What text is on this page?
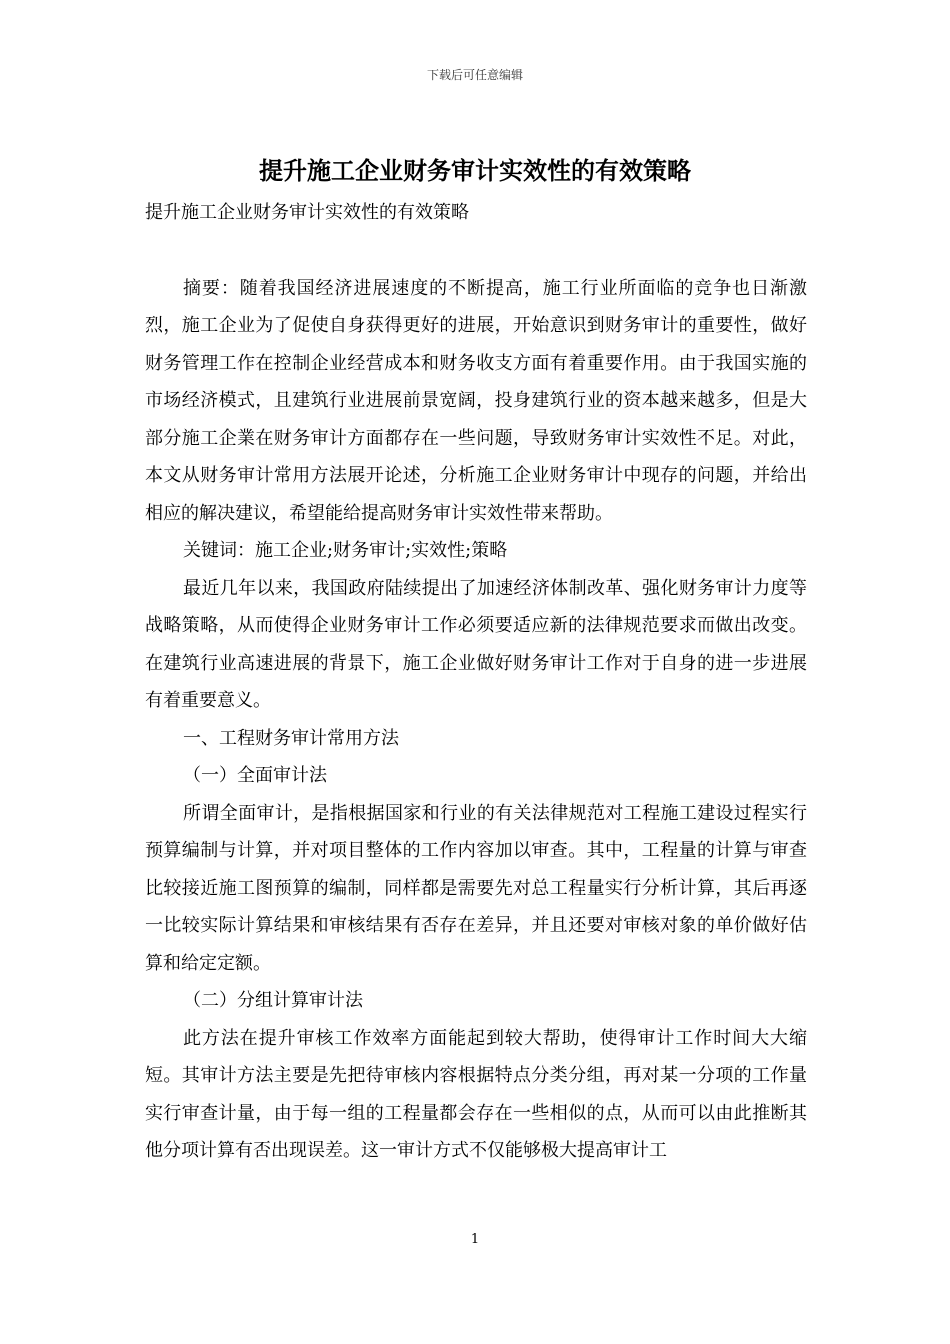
下载后可任意编辑
提升施工企业财务审计实效性的有效策略

提升施工企业财务审计实效性的有效策略

摘要：随着我国经济进展速度的不断提高，施工行业所面临的竞争也日渐激烈，施工企业为了促使自身获得更好的进展，开始意识到财务审计的重要性，做好财务管理工作在控制企业经营成本和财务收支方面有着重要作用。由于我国实施的市场经济模式，且建筑行业进展前景宽阔，投身建筑行业的资本越来越多，但是大部分施工企業在财务审计方面都存在一些问题，导致财务审计实效性不足。对此，本文从财务审计常用方法展开论述，分析施工企业财务审计中现存的问题，并给出相应的解决建议，希望能给提高财务审计实效性带来帮助。

关键词：施工企业;财务审计;实效性;策略

最近几年以来，我国政府陆续提出了加速经济体制改革、强化财务审计力度等战略策略，从而使得企业财务审计工作必须要适应新的法律规范要求而做出改变。在建筑行业高速进展的背景下，施工企业做好财务审计工作对于自身的进一步进展有着重要意义。

一、工程财务审计常用方法

（一）全面审计法

所谓全面审计，是指根据国家和行业的有关法律规范对工程施工建设过程实行预算编制与计算，并对项目整体的工作内容加以审查。其中，工程量的计算与审查比较接近施工图预算的编制，同样都是需要先对总工程量实行分析计算，其后再逐一比较实际计算结果和审核结果有否存在差异，并且还要对审核对象的单价做好估算和给定定额。

（二）分组计算审计法

此方法在提升审核工作效率方面能起到较大帮助，使得审计工作时间大大缩短。其审计方法主要是先把待审核内容根据特点分类分组，再对某一分项的工作量实行审查计量，由于每一组的工程量都会存在一些相似的点，从而可以由此推断其他分项计算有否出现误差。这一审计方式不仅能够极大提高审计工

1
